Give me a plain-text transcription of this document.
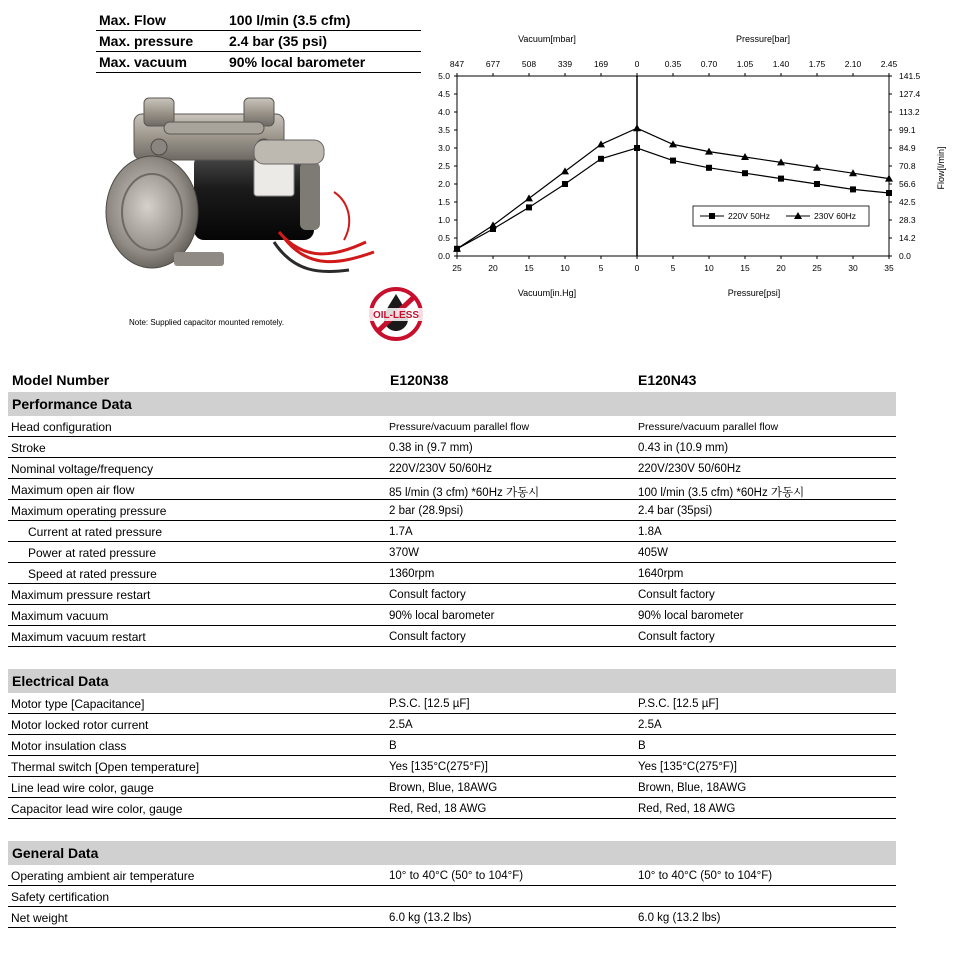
Max. Flow	100 l/min (3.5 cfm)
Max. pressure	2.4 bar (35 psi)
Max. vacuum	90% local barometer
Note: Supplied capacitor mounted remotely.
OIL-LESS
0.0
0.5
1.0
1.5
2.0
2.5
3.0
3.5
4.0
4.5
5.0
0.0
14.2
28.3
42.5
56.6
70.8
84.9
99.1
113.2
127.4
141.5
847	677	508	339	169	0	0.35 0.70 1.05 1.40 1.75 2.10 2.45
25	20	15	10	5	0	5	10	15	20	25	30	35
Vacuum[mbar]	Pressure[bar]
Vacuum[in.Hg]	Pressure[psi]
Flow[l/min]
220V 50Hz	230V 60Hz
Model Number	E120N38	E120N43
Performance Data
Head configuration	Pressure/vacuum parallel flow	Pressure/vacuum parallel flow
Stroke	0.38 in (9.7 mm)	0.43 in (10.9 mm)
Nominal voltage/frequency	220V/230V 50/60Hz	220V/230V 50/60Hz
Maximum open air flow	85 l/min (3 cfm) *60Hz 가동시	100 l/min (3.5 cfm) *60Hz 가동시
Maximum operating pressure	2 bar (28.9psi)	2.4 bar (35psi)
Current at rated pressure	1.7A	1.8A
Power at rated pressure	370W	405W
Speed at rated pressure	1360rpm	1640rpm
Maximum pressure restart	Consult factory	Consult factory
Maximum vacuum	90% local barometer	90% local barometer
Maximum vacuum restart	Consult factory	Consult factory
Electrical Data
Motor type [Capacitance]	P.S.C. [12.5 µF]	P.S.C. [12.5 µF]
Motor locked rotor current	2.5A	2.5A
Motor insulation class	B	B
Thermal switch [Open temperature]	Yes [135°C(275°F)]	Yes [135°C(275°F)]
Line lead wire color, gauge	Brown, Blue, 18AWG	Brown, Blue, 18AWG
Capacitor lead wire color, gauge	Red, Red, 18 AWG	Red, Red, 18 AWG
General Data
Operating ambient air temperature	10° to 40°C (50° to 104°F)	10° to 40°C (50° to 104°F)
Safety certification
Net weight	6.0 kg (13.2 lbs)	6.0 kg (13.2 lbs)
